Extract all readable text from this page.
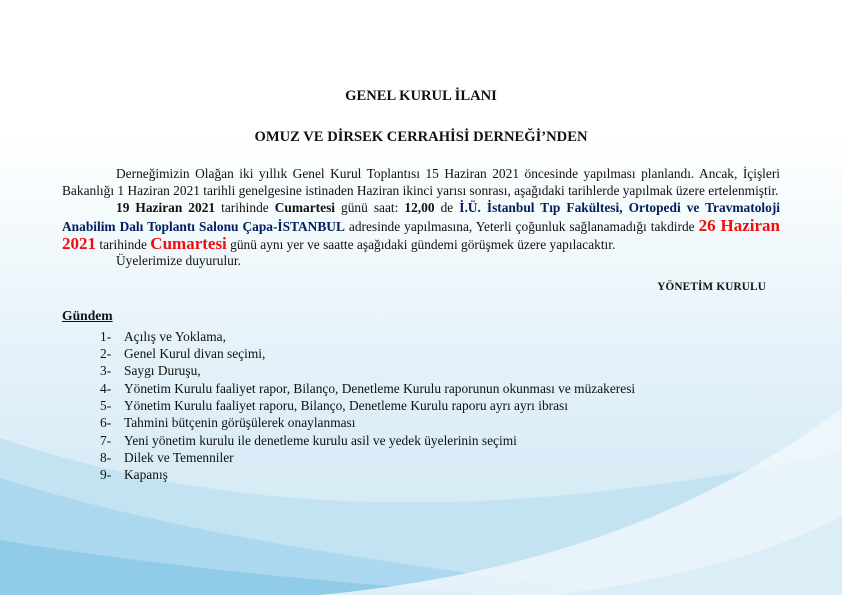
GENEL KURUL İLANI
OMUZ VE DİRSEK CERRAHİSİ DERNEĞİ’NDEN

Derneğimizin Olağan iki yıllık Genel Kurul Toplantısı 15 Haziran 2021 öncesinde yapılması planlandı. Ancak, İçişleri Bakanlığı 1 Haziran 2021 tarihli genelgesine istinaden Haziran ikinci yarısı sonrası, aşağıdaki tarihlerde yapılmak üzere ertelenmiştir.

19 Haziran 2021 tarihinde Cumartesi günü saat: 12,00 de İ.Ü. İstanbul Tıp Fakültesi, Ortopedi ve Travmatoloji Anabilim Dalı Toplantı Salonu Çapa-İSTANBUL adresinde yapılmasına, Yeterli çoğunluk sağlanamadığı takdirde 26 Haziran 2021 tarihinde Cumartesi günü aynı yer ve saatte aşağıdaki gündemi görüşmek üzere yapılacaktır.

Üyelerimize duyurulur.

YÖNETİM KURULU
Gündem
1- Açılış ve Yoklama,
2- Genel Kurul divan seçimi,
3- Saygı Duruşu,
4- Yönetim Kurulu faaliyet rapor, Bilanço, Denetleme Kurulu raporunun okunması ve müzakeresi
5- Yönetim Kurulu faaliyet raporu, Bilanço, Denetleme Kurulu raporu ayrı ayrı ibrası
6- Tahmini bütçenin görüşülerek onaylanması
7- Yeni yönetim kurulu ile denetleme kurulu asil ve yedek üyelerinin seçimi
8- Dilek ve Temenniler
9- Kapanış
